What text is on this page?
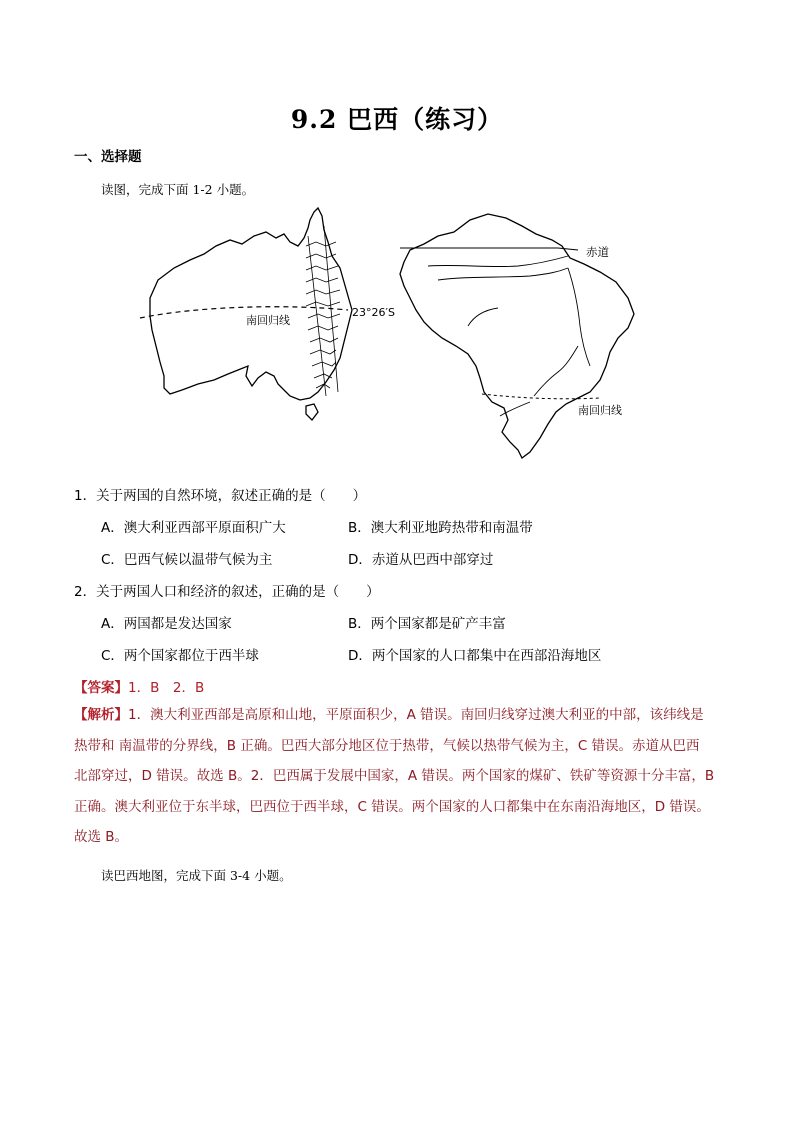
9.2 巴西（练习）
一、选择题
读图，完成下面 1-2 小题。
南回归线
23°26′S
赤道
南回归线
1．关于两国的自然环境，叙述正确的是（　　）
A．澳大利亚西部平原面积广大	B．澳大利亚地跨热带和南温带
C．巴西气候以温带气候为主	D．赤道从巴西中部穿过
2．关于两国人口和经济的叙述，正确的是（　　）
A．两国都是发达国家	B．两个国家都是矿产丰富
C．两个国家都位于西半球	D．两个国家的人口都集中在西部沿海地区
【答案】1．B　2．B
【解析】1．澳大利亚西部是高原和山地，平原面积少，A 错误。南回归线穿过澳大利亚的中部，该纬线是
热带和 南温带的分界线，B 正确。巴西大部分地区位于热带，气候以热带气候为主，C 错误。赤道从巴西
北部穿过，D 错误。故选 B。2．巴西属于发展中国家，A 错误。两个国家的煤矿、铁矿等资源十分丰富，B
正确。澳大利亚位于东半球，巴西位于西半球，C 错误。两个国家的人口都集中在东南沿海地区，D 错误。
故选 B。
读巴西地图，完成下面 3-4 小题。
